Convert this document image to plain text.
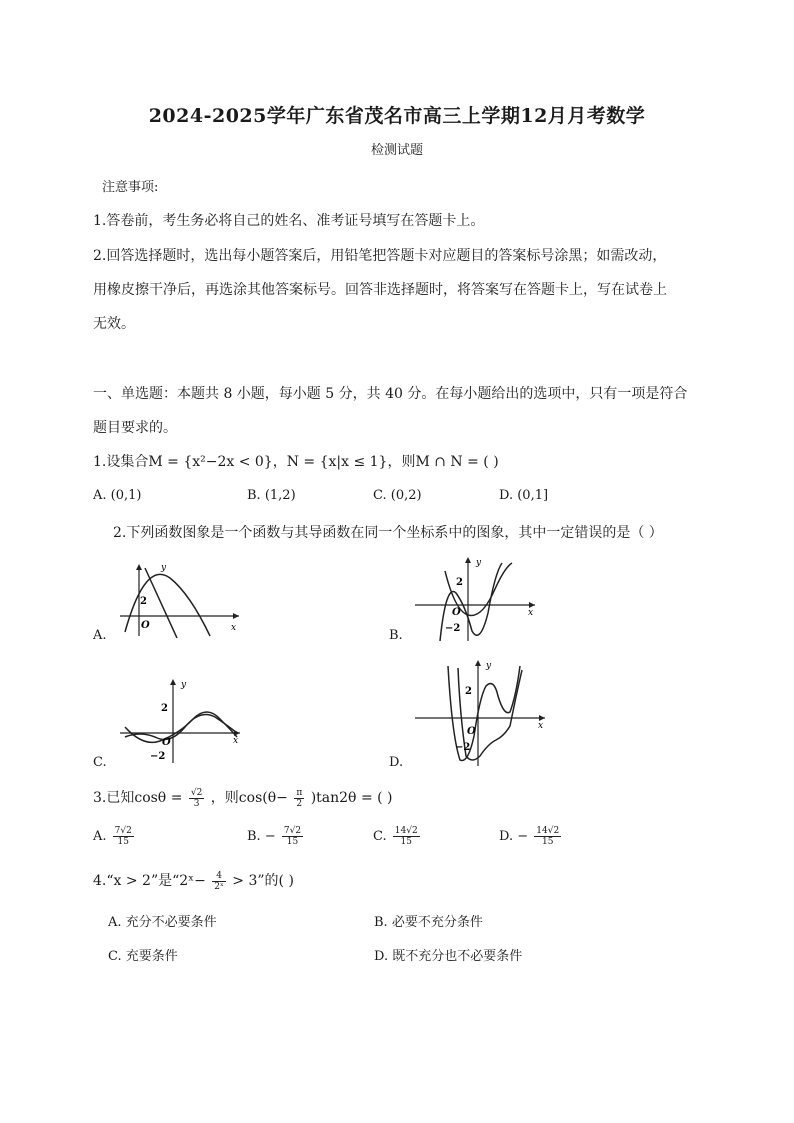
2024-2025学年广东省茂名市高三上学期12月月考数学
检测试题
注意事项:
1.答卷前，考生务必将自己的姓名、准考证号填写在答题卡上。
2.回答选择题时，选出每小题答案后，用铅笔把答题卡对应题目的答案标号涂黑；如需改动，
用橡皮擦干净后，再选涂其他答案标号。回答非选择题时，将答案写在答题卡上，写在试卷上
无效。
一、单选题：本题共 8 小题，每小题 5 分，共 40 分。在每小题给出的选项中，只有一项是符合
题目要求的。
1.设集合M = {x²−2x < 0}，N = {x|x ≤ 1}，则M ∩ N = ( )
A. (0,1)	B. (1,2)	C. (0,2)	D. (0,1]
2.下列函数图象是一个函数与其导函数在同一个坐标系中的图象，其中一定错误的是（ ）
A.
y
x
O
2
B.
y
x
O
2
−2
C.
y
x
O
2
−2	D.
y
x
O
2
−2
3.已知$\cos\theta = \frac{√2}{3}$ ，则$\cos(\theta- \frac{\pi}{2} )\tan 2\theta$ = ( )
A. $\frac{7√2}{15}$	B. − $\frac{7√2}{15}$	C. $\frac{14√2}{15}$	D. − $\frac{14√2}{15}$
4.“x > 2”是“2ˣ− $\frac{4}{\text{2ˣ}} > 3$”的( )
A. 充分不必要条件	B. 必要不充分条件
C. 充要条件	D. 既不充分也不必要条件
